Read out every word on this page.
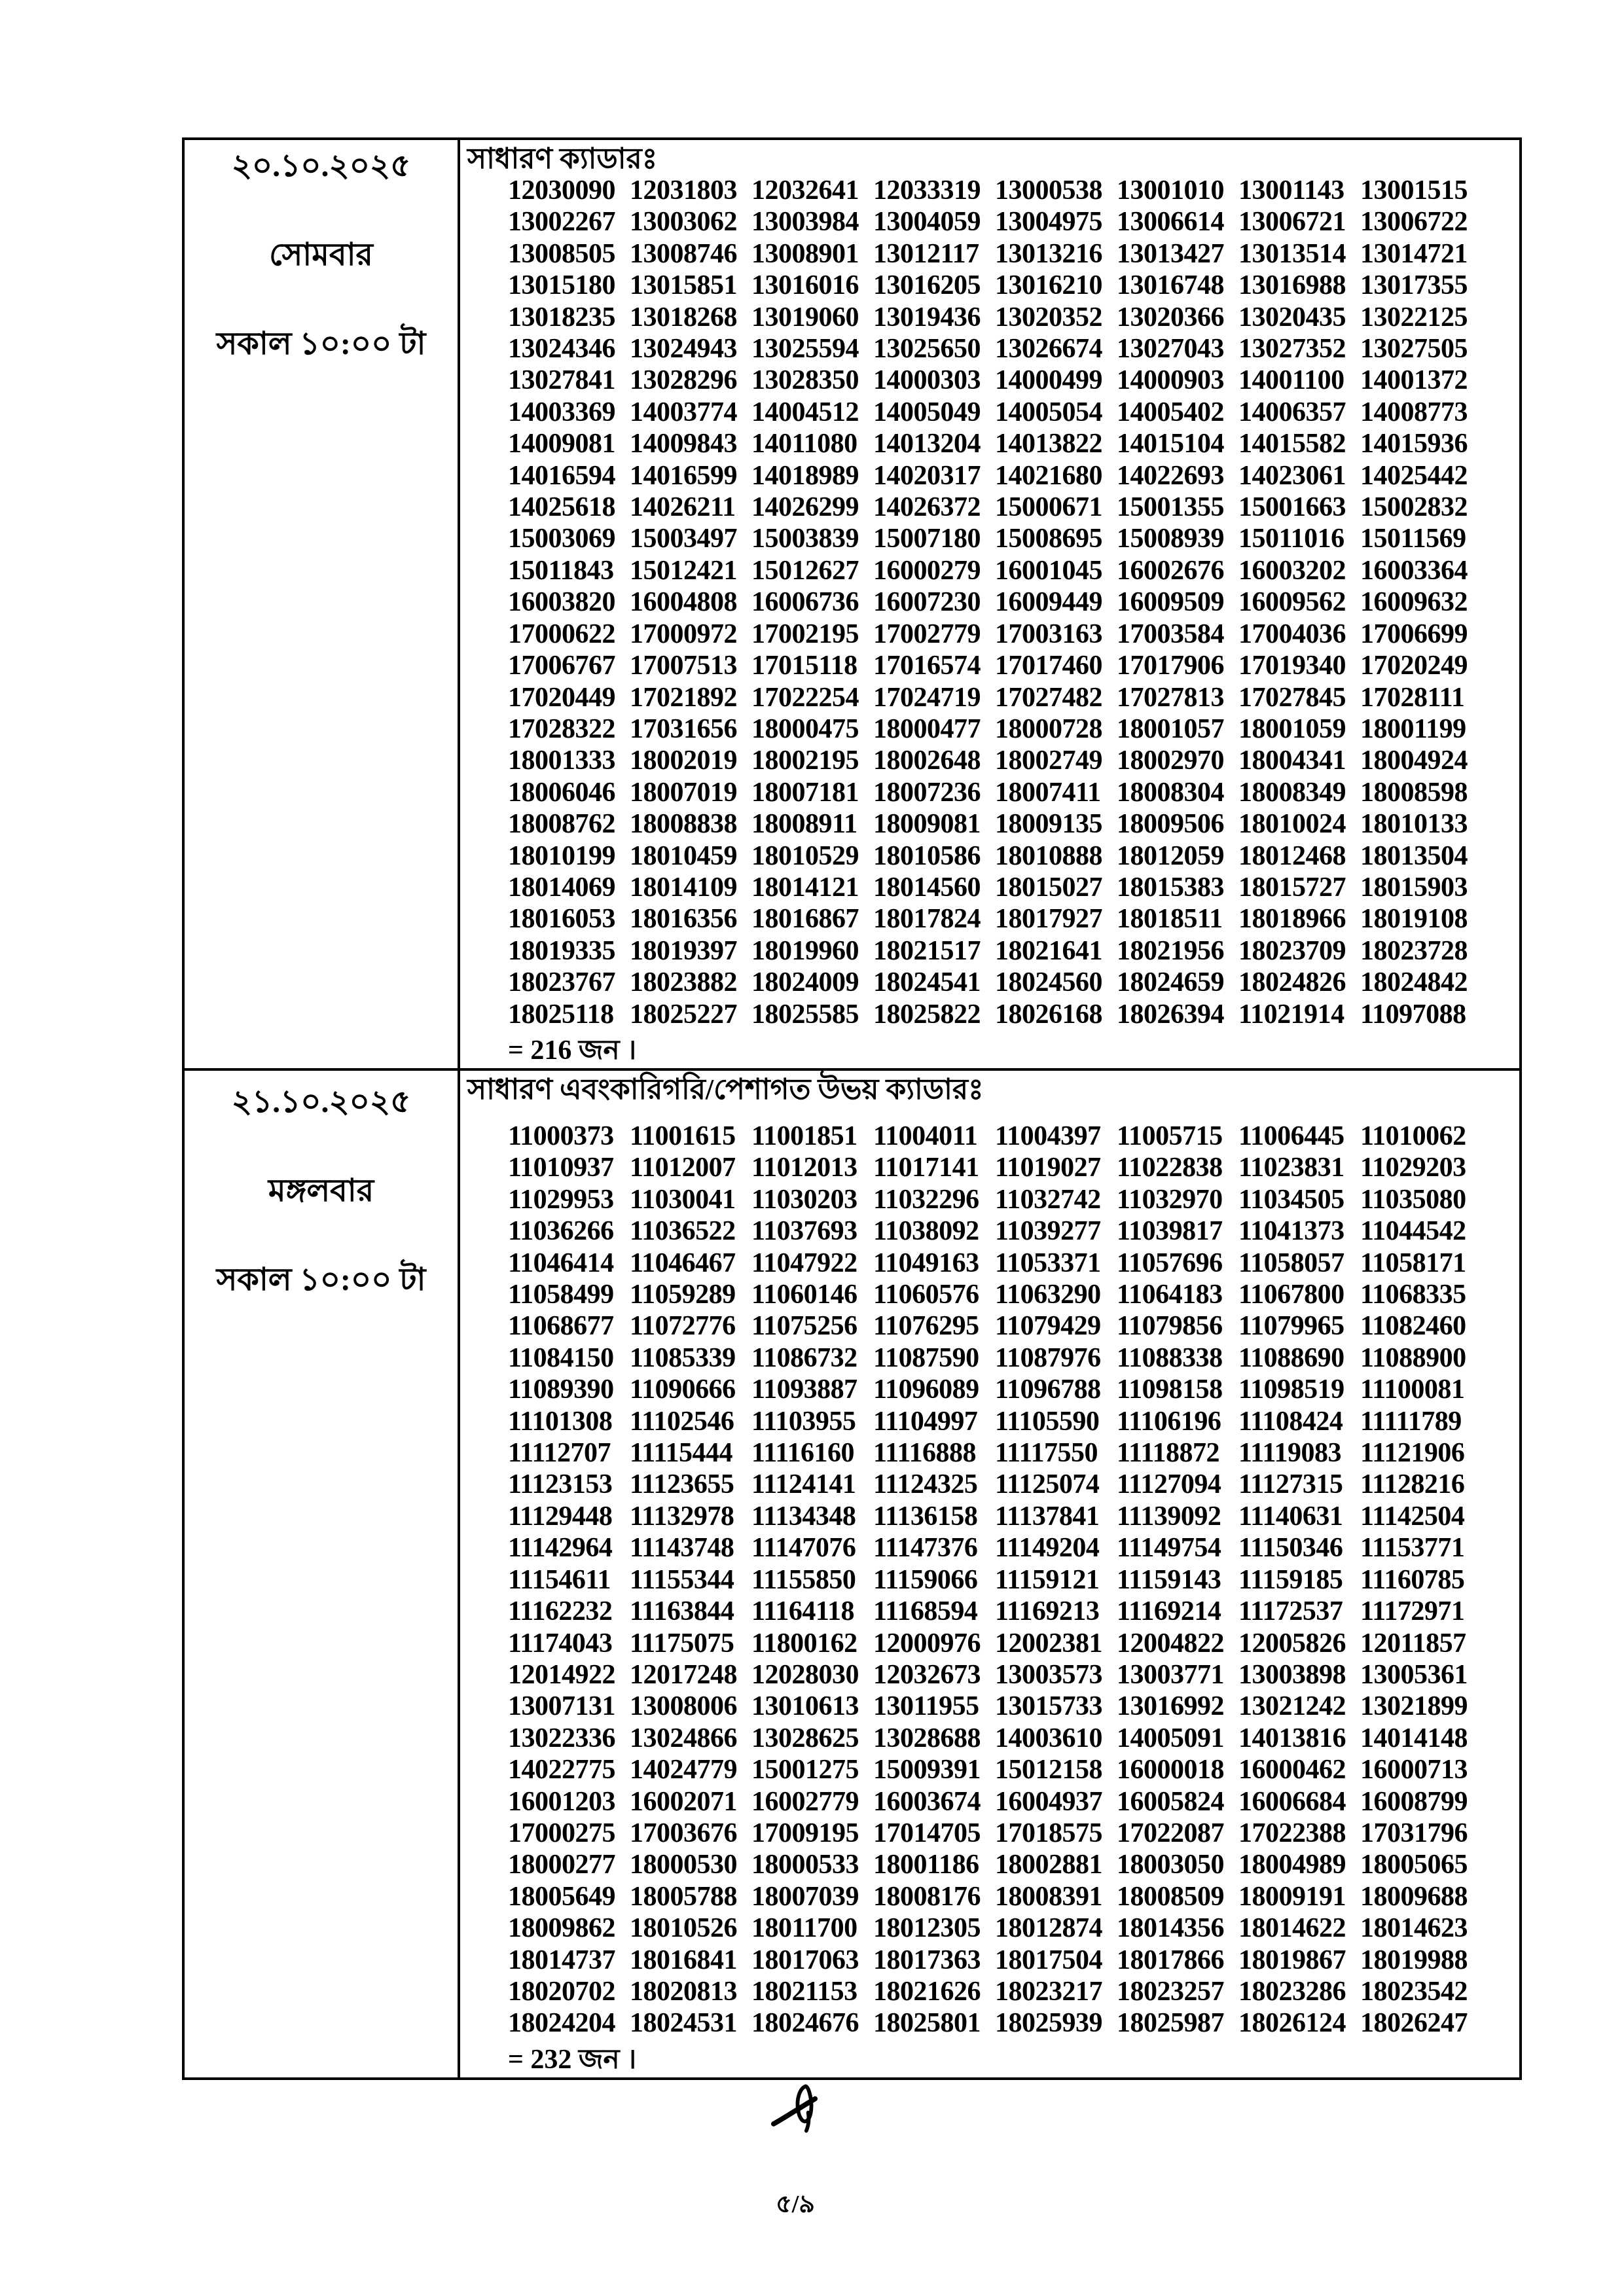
২০.১০.২০২৫
সোমবার
সকাল ১০:০০ টা
সাধারণ ক্যাডারঃ
12030090 12031803 12032641 12033319 13000538 13001010 13001143 13001515
13002267 13003062 13003984 13004059 13004975 13006614 13006721 13006722
13008505 13008746 13008901 13012117 13013216 13013427 13013514 13014721
13015180 13015851 13016016 13016205 13016210 13016748 13016988 13017355
13018235 13018268 13019060 13019436 13020352 13020366 13020435 13022125
13024346 13024943 13025594 13025650 13026674 13027043 13027352 13027505
13027841 13028296 13028350 14000303 14000499 14000903 14001100 14001372
14003369 14003774 14004512 14005049 14005054 14005402 14006357 14008773
14009081 14009843 14011080 14013204 14013822 14015104 14015582 14015936
14016594 14016599 14018989 14020317 14021680 14022693 14023061 14025442
14025618 14026211 14026299 14026372 15000671 15001355 15001663 15002832
15003069 15003497 15003839 15007180 15008695 15008939 15011016 15011569
15011843 15012421 15012627 16000279 16001045 16002676 16003202 16003364
16003820 16004808 16006736 16007230 16009449 16009509 16009562 16009632
17000622 17000972 17002195 17002779 17003163 17003584 17004036 17006699
17006767 17007513 17015118 17016574 17017460 17017906 17019340 17020249
17020449 17021892 17022254 17024719 17027482 17027813 17027845 17028111
17028322 17031656 18000475 18000477 18000728 18001057 18001059 18001199
18001333 18002019 18002195 18002648 18002749 18002970 18004341 18004924
18006046 18007019 18007181 18007236 18007411 18008304 18008349 18008598
18008762 18008838 18008911 18009081 18009135 18009506 18010024 18010133
18010199 18010459 18010529 18010586 18010888 18012059 18012468 18013504
18014069 18014109 18014121 18014560 18015027 18015383 18015727 18015903
18016053 18016356 18016867 18017824 18017927 18018511 18018966 18019108
18019335 18019397 18019960 18021517 18021641 18021956 18023709 18023728
18023767 18023882 18024009 18024541 18024560 18024659 18024826 18024842
18025118 18025227 18025585 18025822 18026168 18026394 11021914 11097088
= 216 জন ।
২১.১০.২০২৫
মঙ্গলবার
সকাল ১০:০০ টা
সাধারণ এবংকারিগরি/পেশাগত উভয় ক্যাডারঃ
11000373 11001615 11001851 11004011 11004397 11005715 11006445 11010062
11010937 11012007 11012013 11017141 11019027 11022838 11023831 11029203
11029953 11030041 11030203 11032296 11032742 11032970 11034505 11035080
11036266 11036522 11037693 11038092 11039277 11039817 11041373 11044542
11046414 11046467 11047922 11049163 11053371 11057696 11058057 11058171
11058499 11059289 11060146 11060576 11063290 11064183 11067800 11068335
11068677 11072776 11075256 11076295 11079429 11079856 11079965 11082460
11084150 11085339 11086732 11087590 11087976 11088338 11088690 11088900
11089390 11090666 11093887 11096089 11096788 11098158 11098519 11100081
11101308 11102546 11103955 11104997 11105590 11106196 11108424 11111789
11112707 11115444 11116160 11116888 11117550 11118872 11119083 11121906
11123153 11123655 11124141 11124325 11125074 11127094 11127315 11128216
11129448 11132978 11134348 11136158 11137841 11139092 11140631 11142504
11142964 11143748 11147076 11147376 11149204 11149754 11150346 11153771
11154611 11155344 11155850 11159066 11159121 11159143 11159185 11160785
11162232 11163844 11164118 11168594 11169213 11169214 11172537 11172971
11174043 11175075 11800162 12000976 12002381 12004822 12005826 12011857
12014922 12017248 12028030 12032673 13003573 13003771 13003898 13005361
13007131 13008006 13010613 13011955 13015733 13016992 13021242 13021899
13022336 13024866 13028625 13028688 14003610 14005091 14013816 14014148
14022775 14024779 15001275 15009391 15012158 16000018 16000462 16000713
16001203 16002071 16002779 16003674 16004937 16005824 16006684 16008799
17000275 17003676 17009195 17014705 17018575 17022087 17022388 17031796
18000277 18000530 18000533 18001186 18002881 18003050 18004989 18005065
18005649 18005788 18007039 18008176 18008391 18008509 18009191 18009688
18009862 18010526 18011700 18012305 18012874 18014356 18014622 18014623
18014737 18016841 18017063 18017363 18017504 18017866 18019867 18019988
18020702 18020813 18021153 18021626 18023217 18023257 18023286 18023542
18024204 18024531 18024676 18025801 18025939 18025987 18026124 18026247
= 232 জন ।
৫/৯
